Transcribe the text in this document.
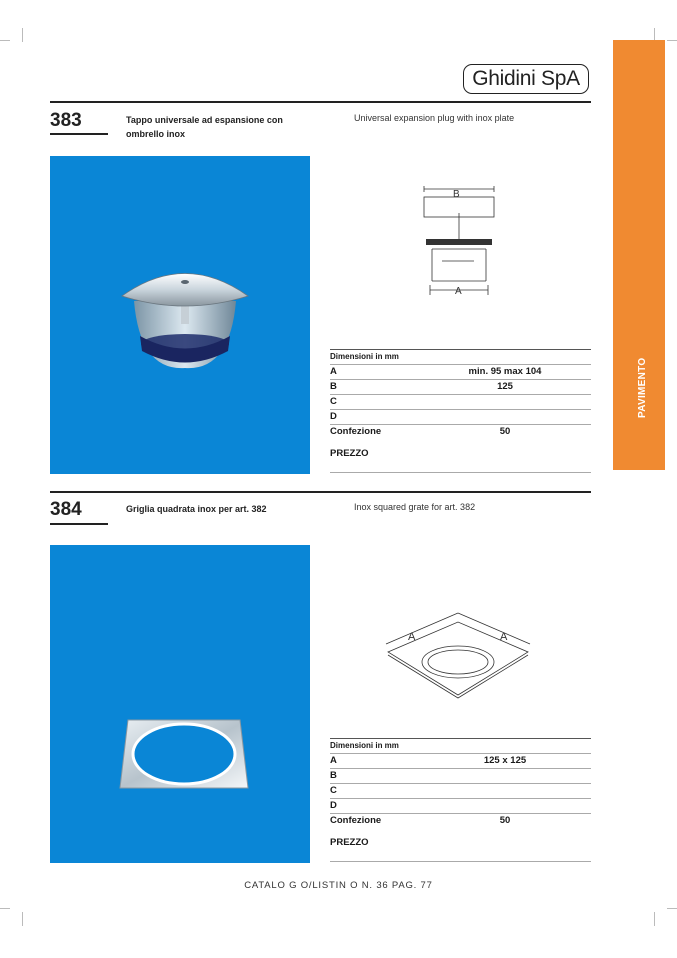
Ghidini SpA
PAVIMENTO
383	Tappo universale ad espansione con
ombrello inox
Universal expansion plug with inox plate
B
A
Dimensioni in mm
A	min. 95 max 104
B	125
C
D
Confezione	50
PREZZO
384	Griglia quadrata inox per art. 382	Inox squared grate for art. 382
A	A
Dimensioni in mm
A	125 x 125
B
C
D
Confezione	50
PREZZO
CATALO G O/LISTIN O N. 36 PAG. 77
